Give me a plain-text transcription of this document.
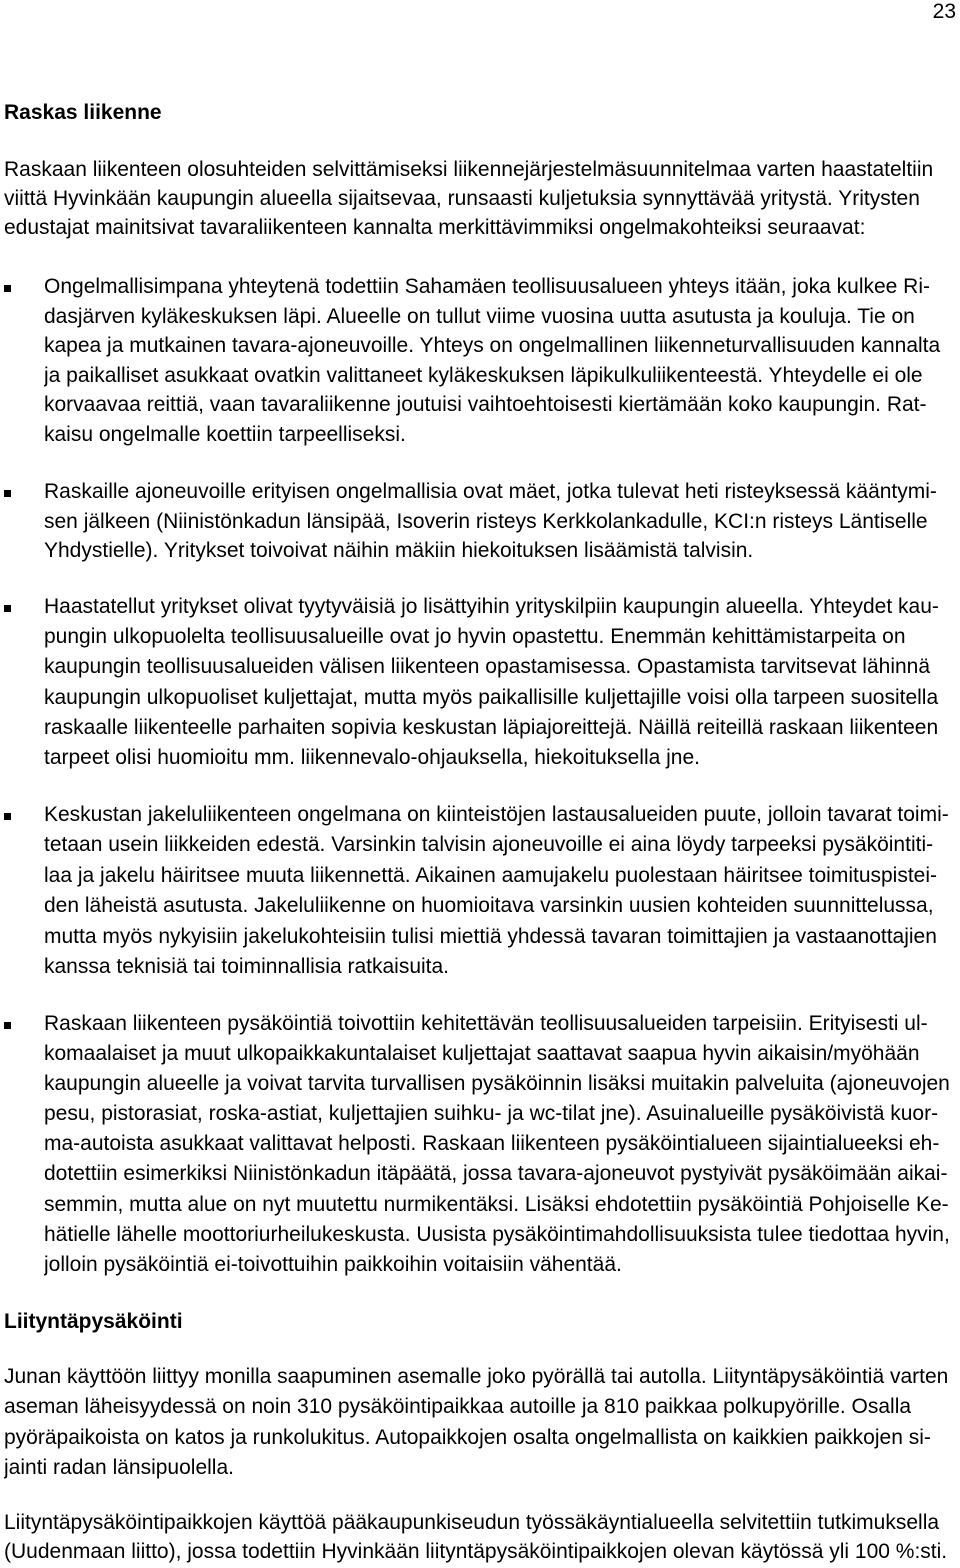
23
Raskas liikenne
Raskaan liikenteen olosuhteiden selvittämiseksi liikennejärjestelmäsuunnitelmaa varten haastateltiin
viittä Hyvinkään kaupungin alueella sijaitsevaa, runsaasti kuljetuksia synnyttävää yritystä. Yritysten
edustajat mainitsivat tavaraliikenteen kannalta merkittävimmiksi ongelmakohteiksi seuraavat:
Ongelmallisimpana yhteytenä todettiin Sahamäen teollisuusalueen yhteys itään, joka kulkee Ri-
dasjärven kyläkeskuksen läpi. Alueelle on tullut viime vuosina uutta asutusta ja kouluja. Tie on
kapea ja mutkainen tavara-ajoneuvoille. Yhteys on ongelmallinen liikenneturvallisuuden kannalta
ja paikalliset asukkaat ovatkin valittaneet kyläkeskuksen läpikulkuliikenteestä. Yhteydelle ei ole
korvaavaa reittiä, vaan tavaraliikenne joutuisi vaihtoehtoisesti kiertämään koko kaupungin. Rat-
kaisu ongelmalle koettiin tarpeelliseksi.
Raskaille ajoneuvoille erityisen ongelmallisia ovat mäet, jotka tulevat heti risteyksessä kääntymi-
sen jälkeen (Niinistönkadun länsipää, Isoverin risteys Kerkkolankadulle, KCI:n risteys Läntiselle
Yhdystielle). Yritykset toivoivat näihin mäkiin hiekoituksen lisäämistä talvisin.
Haastatellut yritykset olivat tyytyväisiä jo lisättyihin yrityskilpiin kaupungin alueella. Yhteydet kau-
pungin ulkopuolelta teollisuusalueille ovat jo hyvin opastettu. Enemmän kehittämistarpeita on
kaupungin teollisuusalueiden välisen liikenteen opastamisessa. Opastamista tarvitsevat lähinnä
kaupungin ulkopuoliset kuljettajat, mutta myös paikallisille kuljettajille voisi olla tarpeen suositella
raskaalle liikenteelle parhaiten sopivia keskustan läpiajoreittejä. Näillä reiteillä raskaan liikenteen
tarpeet olisi huomioitu mm. liikennevalo-ohjauksella, hiekoituksella jne.
Keskustan jakeluliikenteen ongelmana on kiinteistöjen lastausalueiden puute, jolloin tavarat toimi-
tetaan usein liikkeiden edestä. Varsinkin talvisin ajoneuvoille ei aina löydy tarpeeksi pysäköintiti-
laa ja jakelu häiritsee muuta liikennettä. Aikainen aamujakelu puolestaan häiritsee toimituspistei-
den läheistä asutusta. Jakeluliikenne on huomioitava varsinkin uusien kohteiden suunnittelussa,
mutta myös nykyisiin jakelukohteisiin tulisi miettiä yhdessä tavaran toimittajien ja vastaanottajien
kanssa teknisiä tai toiminnallisia ratkaisuita.
Raskaan liikenteen pysäköintiä toivottiin kehitettävän teollisuusalueiden tarpeisiin. Erityisesti ul-
komaalaiset ja muut ulkopaikkakuntalaiset kuljettajat saattavat saapua hyvin aikaisin/myöhään
kaupungin alueelle ja voivat tarvita turvallisen pysäköinnin lisäksi muitakin palveluita (ajoneuvojen
pesu, pistorasiat, roska-astiat, kuljettajien suihku- ja wc-tilat jne). Asuinalueille pysäköivistä kuor-
ma-autoista asukkaat valittavat helposti. Raskaan liikenteen pysäköintialueen sijaintialueeksi eh-
dotettiin esimerkiksi Niinistönkadun itäpäätä, jossa tavara-ajoneuvot pystyivät pysäköimään aikai-
semmin, mutta alue on nyt muutettu nurmikentäksi. Lisäksi ehdotettiin pysäköintiä Pohjoiselle Ke-
hätielle lähelle moottoriurheilukeskusta. Uusista pysäköintimahdollisuuksista tulee tiedottaa hyvin,
jolloin pysäköintiä ei-toivottuihin paikkoihin voitaisiin vähentää.
Liityntäpysäköinti
Junan käyttöön liittyy monilla saapuminen asemalle joko pyörällä tai autolla. Liityntäpysäköintiä varten
aseman läheisyydessä on noin 310 pysäköintipaikkaa autoille ja 810 paikkaa polkupyörille. Osalla
pyöräpaikoista on katos ja runkolukitus. Autopaikkojen osalta ongelmallista on kaikkien paikkojen si-
jainti radan länsipuolella.
Liityntäpysäköintipaikkojen käyttöä pääkaupunkiseudun työssäkäyntialueella selvitettiin tutkimuksella
(Uudenmaan liitto), jossa todettiin Hyvinkään liityntäpysäköintipaikkojen olevan käytössä yli 100 %:sti.
